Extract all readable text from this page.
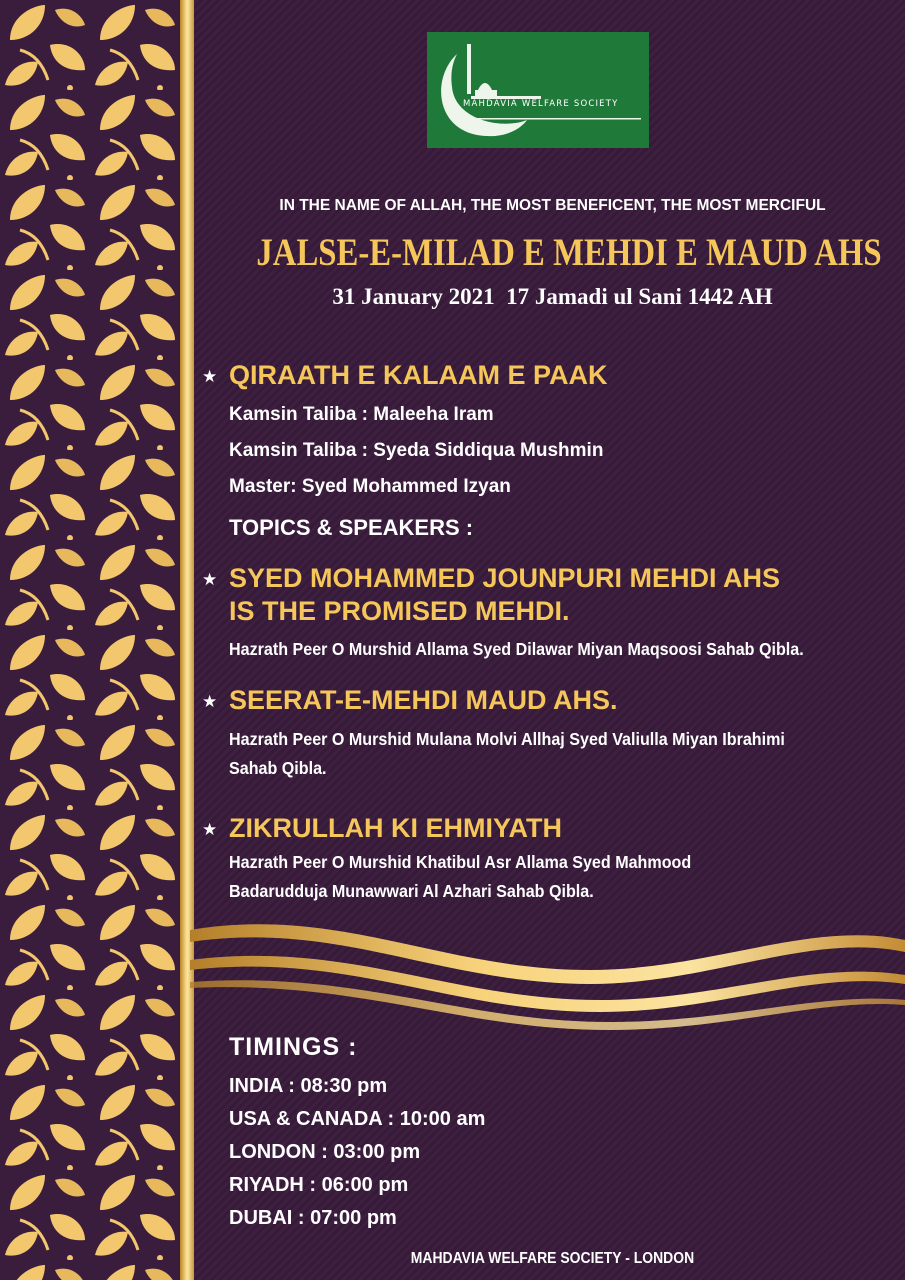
MAHDAVIA WELFARE SOCIETY
IN THE NAME OF ALLAH, THE MOST BENEFICENT, THE MOST MERCIFUL
JALSE-E-MILAD E MEHDI E MAUD AHS
31 January 2021  17 Jamadi ul Sani 1442 AH
★ QIRAATH E KALAAM E PAAK
Kamsin Taliba : Maleeha Iram
Kamsin Taliba : Syeda Siddiqua Mushmin
Master: Syed Mohammed Izyan
TOPICS & SPEAKERS :
★ SYED MOHAMMED JOUNPURI MEHDI AHS
IS THE PROMISED MEHDI.
Hazrath Peer O Murshid Allama Syed Dilawar Miyan Maqsoosi Sahab Qibla.
★ SEERAT-E-MEHDI MAUD AHS.
Hazrath Peer O Murshid Mulana Molvi Allhaj Syed Valiulla Miyan Ibrahimi
Sahab Qibla.
★ ZIKRULLAH KI EHMIYATH
Hazrath Peer O Murshid Khatibul Asr Allama Syed Mahmood
Badarudduja Munawwari Al Azhari Sahab Qibla.
TIMINGS :
INDIA : 08:30 pm
USA & CANADA : 10:00 am
LONDON : 03:00 pm
RIYADH : 06:00 pm
DUBAI : 07:00 pm
MAHDAVIA WELFARE SOCIETY - LONDON
